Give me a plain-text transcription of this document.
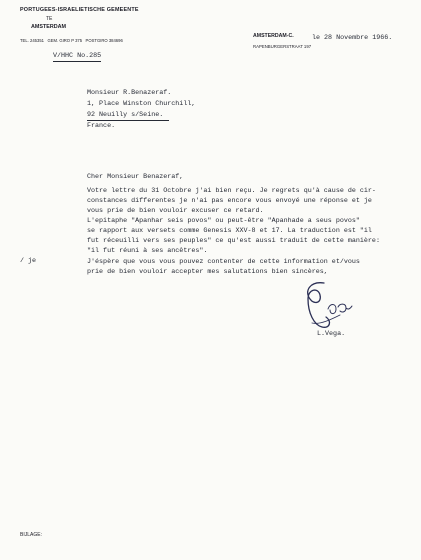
PORTUGEES-ISRAELIETISCHE GEMEENTE
TE
AMSTERDAM
TEL. 245351   GEM. GIRO P 375   POSTGIRO 384696
AMSTERDAM-C.
RAPENBURGERSTRAAT 197
le 28 Novembre 1966.
V/HHC No.285
Monsieur R.Benazeraf.
1, Place Winston Churchill,
92 Neuilly s/Seine.
France.
Cher Monsieur Benazeraf,
Votre lettre du 31 Octobre j'ai bien reçu. Je regrets qu'à cause de cir-
constances differentes je n'ai pas encore vous envoyé une réponse et je
vous prie de bien vouloir excuser ce retard.
L'epitaphe "Apanhar seis povos" ou peut-être "Apanhade a seus povos"
se rapport aux versets comme Genesis XXV-8 et 17. La traduction est "il
fut réceuilli vers ses peuples" ce qu'est aussi traduit de cette manière:
"il fut réuni à ses ancêtres".
J'éspère que vous vous pouvez contenter de cette information et/vous
prie de bien vouloir accepter mes salutations bien sincères,
/ je
L.Vega.
BIJLAGE:
